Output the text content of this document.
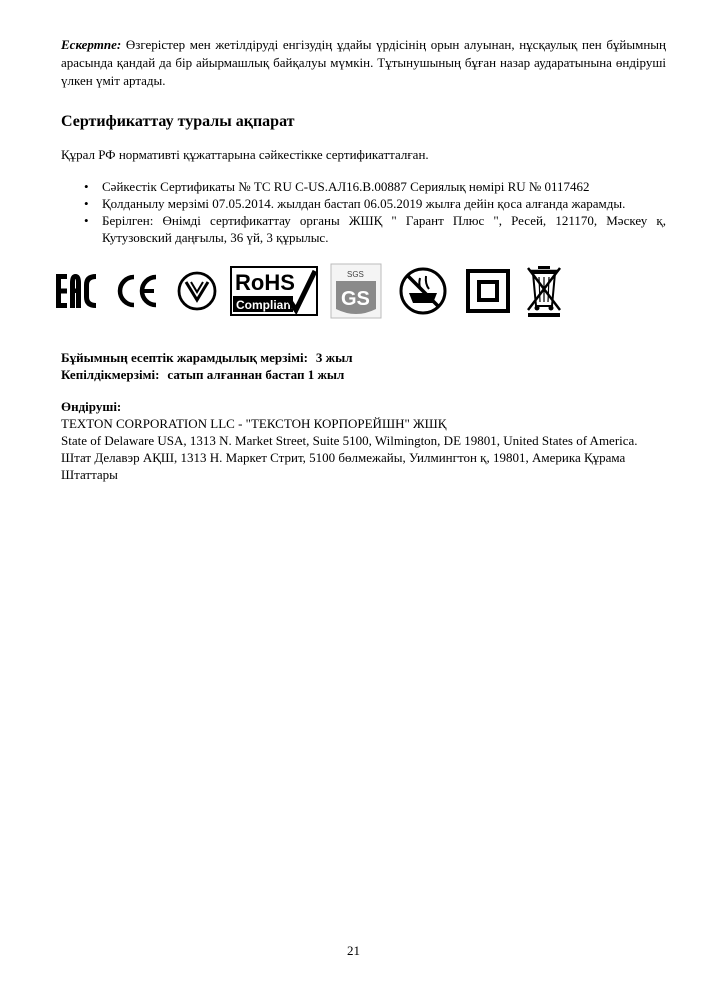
Ескертпе: Өзгерістер мен жетілдіруді енгізудің ұдайы үрдісінің орын алуынан, нұсқаулық пен бұйымның арасында қандай да бір айырмашлық байқалуы мүмкін. Тұтынушының бұған назар аударатынына өндіруші үлкен үміт артады.

Сертификаттау туралы ақпарат

Құрал РФ нормативті құжаттарына сәйкестікке сертификатталған.

• Сәйкестік Сертификаты № ТС RU C-US.АЛ16.В.00887 Сериялық нөмірі RU № 0117462
• Қолданылу мерзімі 07.05.2014. жылдан бастап 06.05.2019 жылға дейін қоса алғанда жарамды.
• Берілген: Өнімді сертификаттау органы ЖШҚ " Гарант Плюс ", Ресей, 121170, Мәскеу қ, Кутузовский даңғылы, 36 үй, 3 құрылыс.
RoHS
Compliant
SGS
GS
Бұйымның есептік жарамдылық мерзімі: 3 жыл
Кепілдікмерзімі: сатып алғаннан бастап 1 жыл
Өндіруші:
TEXTON CORPORATION LLC - "ТЕКСТОН КОРПОРЕЙШН" ЖШҚ
State of Delaware USA, 1313 N. Market Street, Suite 5100, Wilmington, DE 19801, United States of America.
Штат Делавэр АҚШ, 1313 Н. Маркет Стрит, 5100 бөлмежайы, Уилмингтон қ, 19801, Америка Құрама Штаттары
21
